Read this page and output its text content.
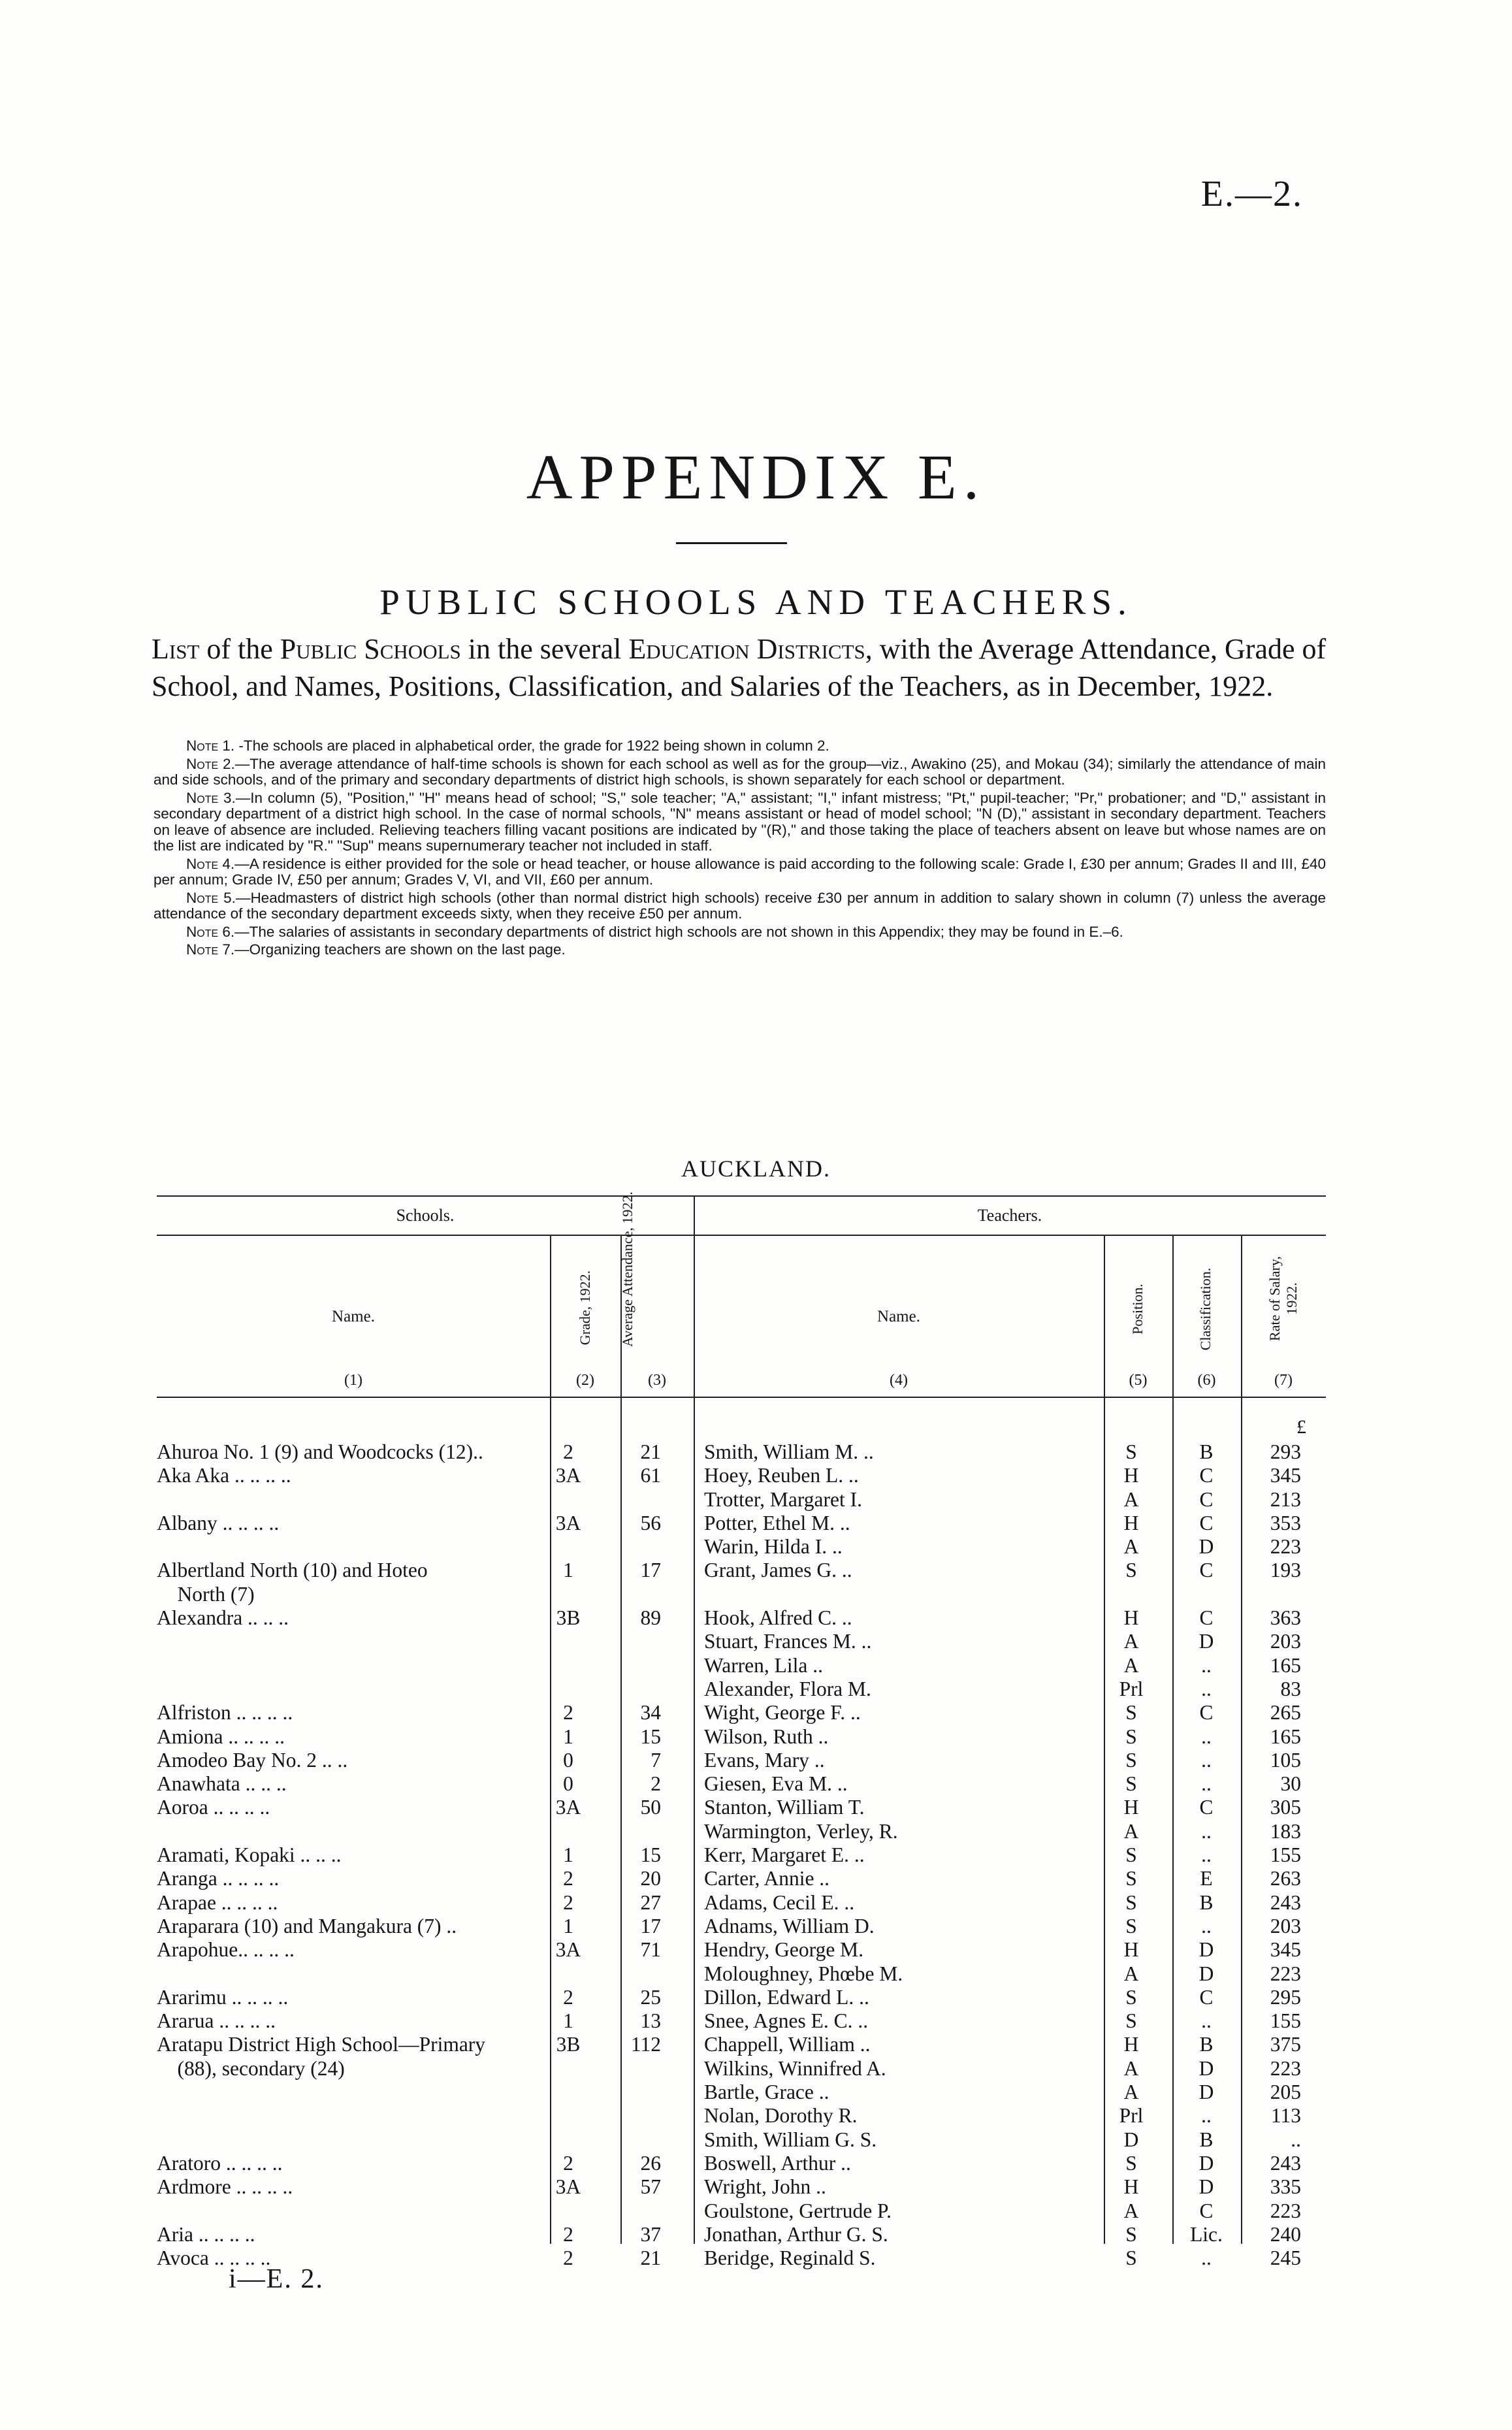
E.—2.
APPENDIX E.
PUBLIC SCHOOLS AND TEACHERS.
List of the Public Schools in the several Education Districts, with the Average Attendance, Grade of School, and Names, Positions, Classification, and Salaries of the Teachers, as in December, 1922.
Note 1. -The schools are placed in alphabetical order, the grade for 1922 being shown in column 2.
Note 2.—The average attendance of half-time schools is shown for each school as well as for the group—viz., Awakino (25), and Mokau (34); similarly the attendance of main and side schools, and of the primary and secondary departments of district high schools, is shown separately for each school or department.
Note 3.—In column (5), "Position," "H" means head of school; "S," sole teacher; "A," assistant; "I," infant mistress; "Pt," pupil-teacher; "Pr," probationer; and "D," assistant in secondary department of a district high school. In the case of normal schools, "N" means assistant or head of model school; "N (D)," assistant in secondary department. Teachers on leave of absence are included. Relieving teachers filling vacant positions are indicated by "(R)," and those taking the place of teachers absent on leave but whose names are on the list are indicated by "R." "Sup" means supernumerary teacher not included in staff.
Note 4.—A residence is either provided for the sole or head teacher, or house allowance is paid according to the following scale: Grade I, £30 per annum; Grades II and III, £40 per annum; Grade IV, £50 per annum; Grades V, VI, and VII, £60 per annum.
Note 5.—Headmasters of district high schools (other than normal district high schools) receive £30 per annum in addition to salary shown in column (7) unless the average attendance of the secondary department exceeds sixty, when they receive £50 per annum.
Note 6.—The salaries of assistants in secondary departments of district high schools are not shown in this Appendix; they may be found in E.–6.
Note 7.—Organizing teachers are shown on the last page.
AUCKLAND.
Schools.	Teachers.
Name.	Grade, 1922. Average Attendance, 1922.	Name.	Position.	Classification.	Rate of Salary, 1922.
(1)	(2)	(3)	(4)	(5)	(6)	(7)
£
Ahuroa No. 1 (9) and Woodcocks (12)..	2	21 Smith, William M. ..	S	B	293
Aka Aka .. .. .. ..	3A	61 Hoey, Reuben L. ..	H	C	345
Trotter, Margaret I.	A	C	213
Albany .. .. .. ..	3A	56 Potter, Ethel M. ..	H	C	353
Warin, Hilda I. ..	A	D	223
Albertland North (10) and Hoteo	1	17 Grant, James G. ..	S	C	193
North (7)
Alexandra .. .. ..	3B	89 Hook, Alfred C. ..	H	C	363
Stuart, Frances M. ..	A	D	203
Warren, Lila ..	A	..	165
Alexander, Flora M.	Prl	..	83
Alfriston .. .. .. ..	2	34 Wight, George F. ..	S	C	265
Amiona .. .. .. ..	1	15 Wilson, Ruth ..	S	..	165
Amodeo Bay No. 2 .. ..	0	7 Evans, Mary ..	S	..	105
Anawhata .. .. ..	0	2 Giesen, Eva M. ..	S	..	30
Aoroa .. .. .. ..	3A	50 Stanton, William T.	H	C	305
Warmington, Verley, R.	A	..	183
Aramati, Kopaki .. .. ..	1	15 Kerr, Margaret E. ..	S	..	155
Aranga .. .. .. ..	2	20 Carter, Annie ..	S	E	263
Arapae .. .. .. ..	2	27 Adams, Cecil E. ..	S	B	243
Araparara (10) and Mangakura (7) ..	1	17 Adnams, William D.	S	..	203
Arapohue.. .. .. ..	3A	71 Hendry, George M.	H	D	345
Moloughney, Phœbe M.	A	D	223
Ararimu .. .. .. ..	2	25 Dillon, Edward L. ..	S	C	295
Ararua .. .. .. ..	1	13 Snee, Agnes E. C. ..	S	..	155
Aratapu District High School—Primary	3B	112 Chappell, William ..	H	B	375
(88), secondary (24)	Wilkins, Winnifred A.	A	D	223
Bartle, Grace ..	A	D	205
Nolan, Dorothy R.	Prl	..	113
Smith, William G. S.	D	B	..
Aratoro .. .. .. ..	2	26 Boswell, Arthur ..	S	D	243
Ardmore .. .. .. ..	3A	57 Wright, John ..	H	D	335
Goulstone, Gertrude P.	A	C	223
Aria .. .. .. ..	2	37 Jonathan, Arthur G. S.	S	Lic.	240
Avoca .. .. .. ..	2	21 Beridge, Reginald S.	S	..	245
i—E. 2.
